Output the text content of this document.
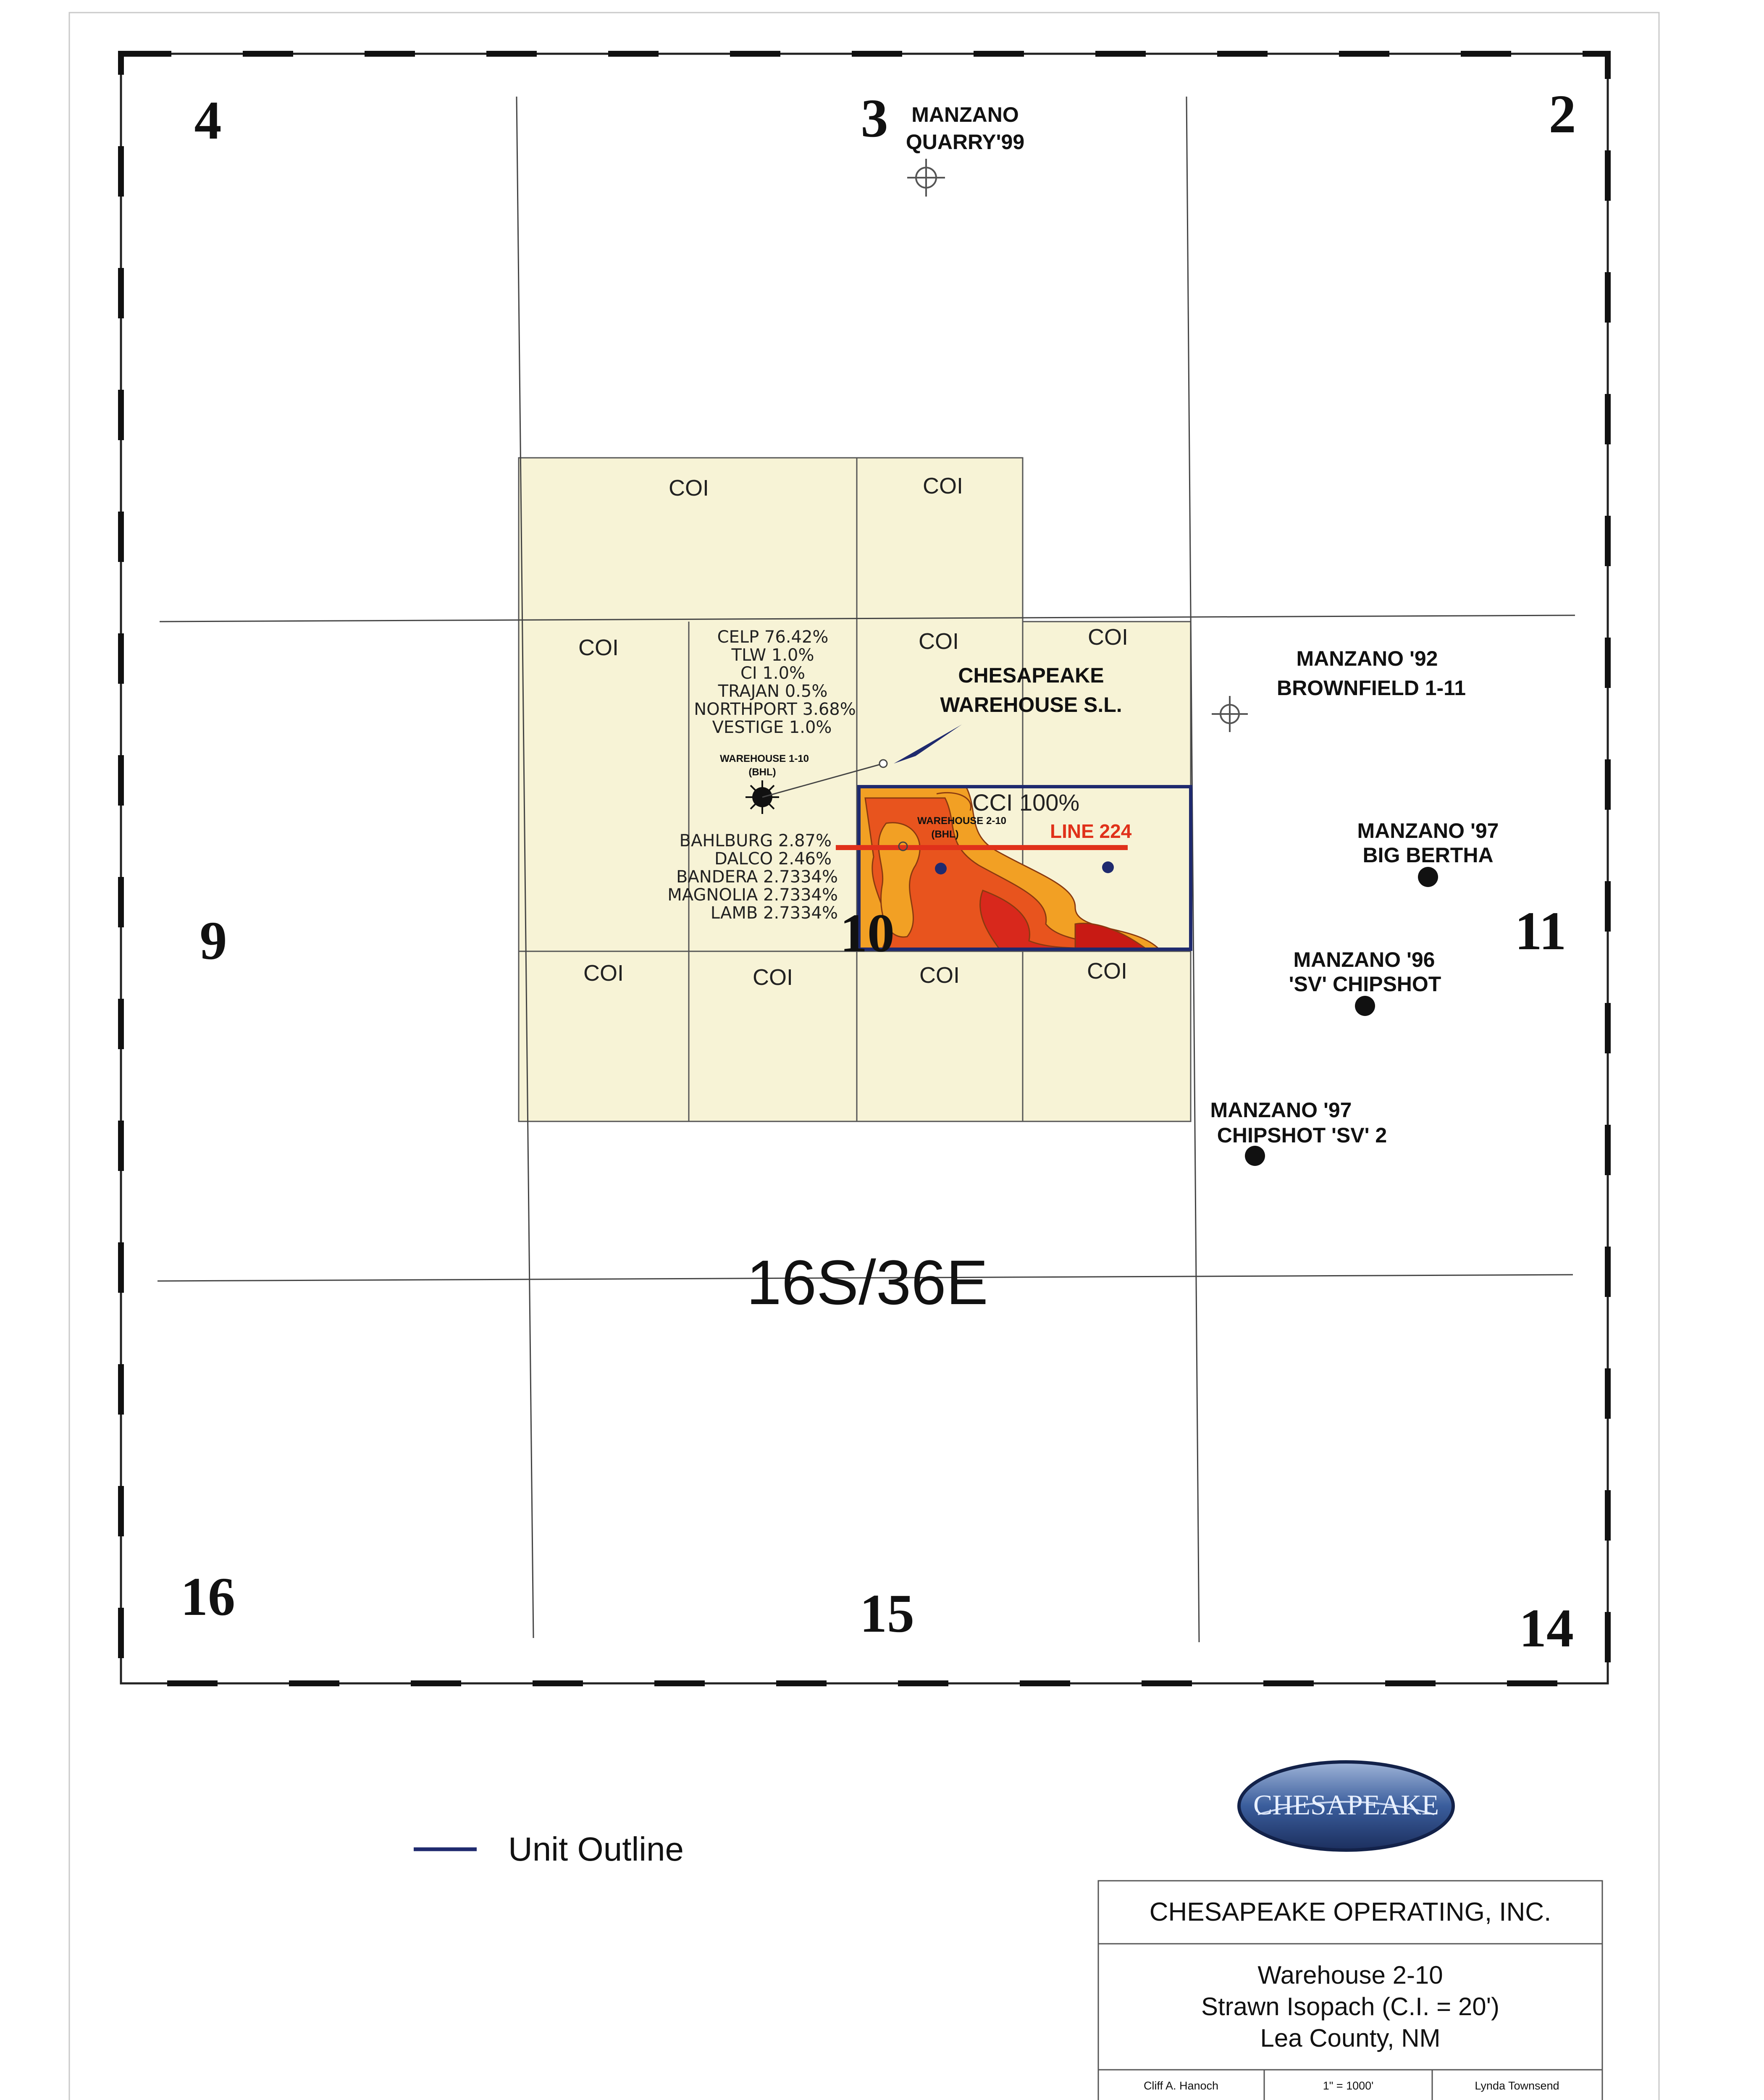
LINE 224
CCI 100%
WAREHOUSE 1-10
(BHL)
CHESAPEAKE
WAREHOUSE S.L.
WAREHOUSE 2-10
(BHL)
MANZANO
QUARRY'99
MANZANO '92
BROWNFIELD 1-11
MANZANO '97
BIG BERTHA
MANZANO '96
'SV' CHIPSHOT
MANZANO '97
CHIPSHOT 'SV' 2
4	3	2
9	10	11
16	15	14
COI	COI
COI	COI	COI
COI	COI	COI	COI
CELP 76.42%
TLW 1.0%
CI 1.0%
TRAJAN 0.5%
NORTHPORT 3.68%
VESTIGE 1.0%
BAHLBURG 2.87%
DALCO 2.46%
BANDERA 2.7334%
MAGNOLIA 2.7334%
LAMB 2.7334%
16S/36E
Unit Outline
CHESAPEAKE
CHESAPEAKE OPERATING, INC.
Warehouse 2-10
Strawn Isopach (C.I. = 20')
Lea County, NM
Cliff A. Hanoch	1" = 1000'	Lynda Townsend
